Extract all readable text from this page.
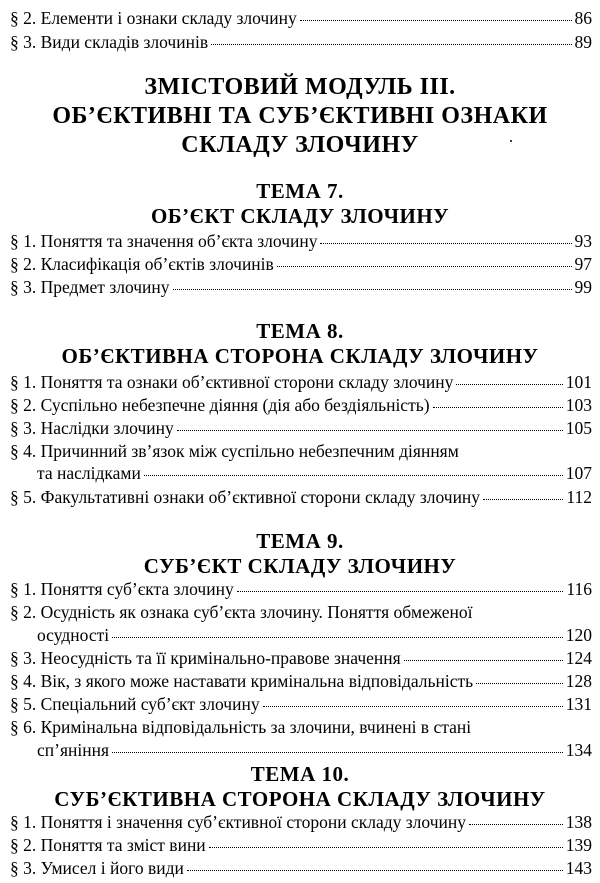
§ 2. Елементи і ознаки складу злочину	86
§ 3. Види складів злочинів	89
ЗМІСТОВИЙ МОДУЛЬ III.
ОБ’ЄКТИВНІ ТА СУБ’ЄКТИВНІ ОЗНАКИ
СКЛАДУ ЗЛОЧИНУ
ТЕМА 7.
ОБ’ЄКТ СКЛАДУ ЗЛОЧИНУ
§ 1. Поняття та значення об’єкта злочину	93
§ 2. Класифікація об’єктів злочинів	97
§ 3. Предмет злочину	99
ТЕМА 8.
ОБ’ЄКТИВНА СТОРОНА СКЛАДУ ЗЛОЧИНУ
§ 1. Поняття та ознаки об’єктивної сторони складу злочину	101
§ 2. Суспільно небезпечне діяння (дія або бездіяльність)	103
§ 3. Наслідки злочину	105
§ 4. Причинний зв’язок між суспільно небезпечним діянням
та наслідками	107
§ 5. Факультативні ознаки об’єктивної сторони складу злочину	112
ТЕМА 9.
СУБ’ЄКТ СКЛАДУ ЗЛОЧИНУ
§ 1. Поняття суб’єкта злочину	116
§ 2. Осудність як ознака суб’єкта злочину. Поняття обмеженої
осудності	120
§ 3. Неосудність та її кримінально-правове значення	124
§ 4. Вік, з якого може наставати кримінальна відповідальність	128
§ 5. Спеціальний суб’єкт злочину	131
§ 6. Кримінальна відповідальність за злочини, вчинені в стані
сп’яніння	134
ТЕМА 10.
СУБ’ЄКТИВНА СТОРОНА СКЛАДУ ЗЛОЧИНУ
§ 1. Поняття і значення суб’єктивної сторони складу злочину	138
§ 2. Поняття та зміст вини	139
§ 3. Умисел і його види	143
